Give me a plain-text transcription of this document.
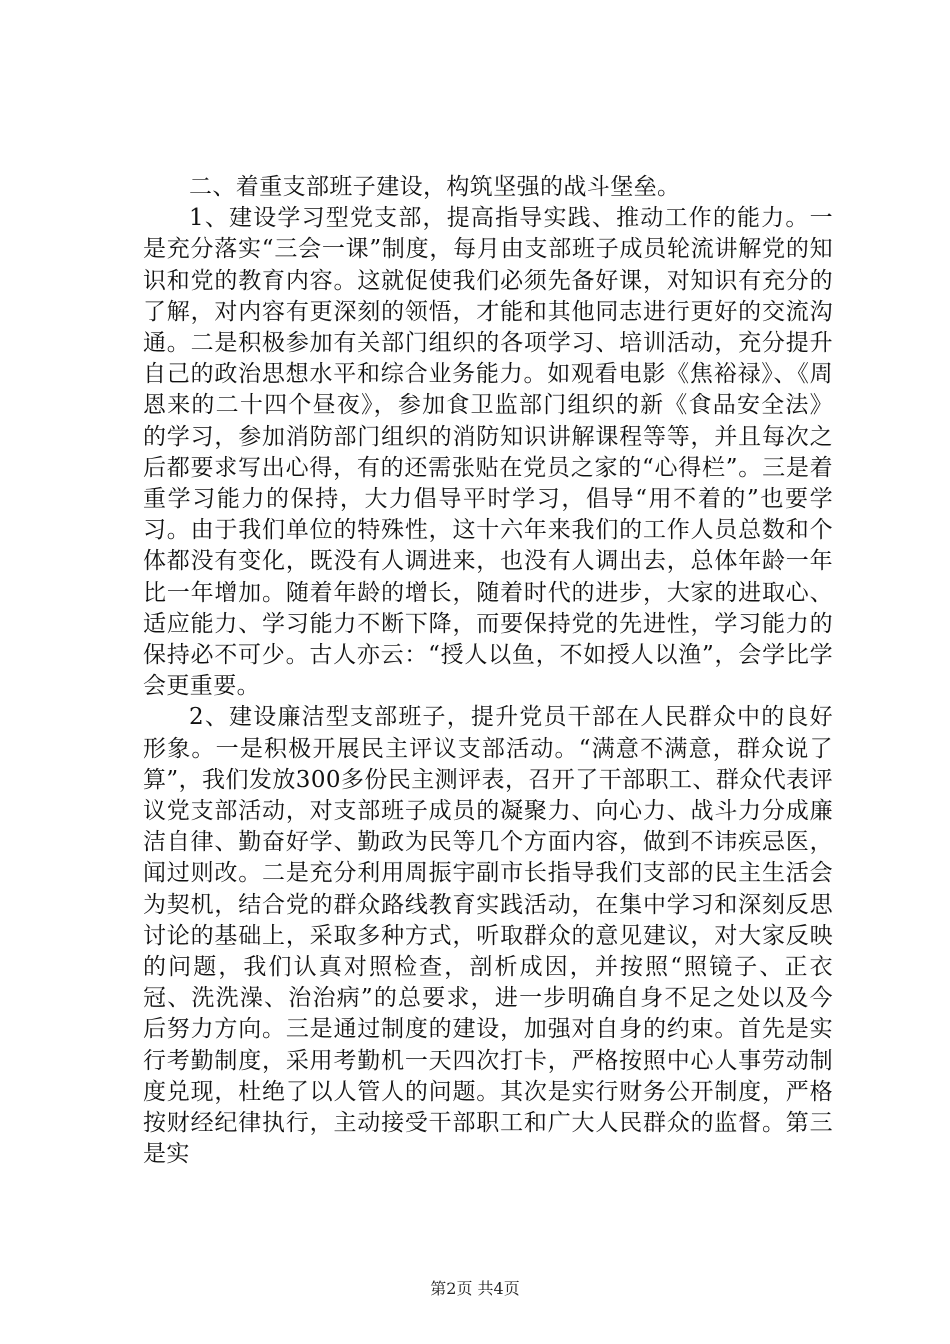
二、着重支部班子建设，构筑坚强的战斗堡垒。

1、建设学习型党支部，提高指导实践、推动工作的能力。一是充分落实“三会一课”制度，每月由支部班子成员轮流讲解党的知识和党的教育内容。这就促使我们必须先备好课，对知识有充分的了解，对内容有更深刻的领悟，才能和其他同志进行更好的交流沟通。二是积极参加有关部门组织的各项学习、培训活动，充分提升自己的政治思想水平和综合业务能力。如观看电影《焦裕禄》、《周恩来的二十四个昼夜》，参加食卫监部门组织的新《食品安全法》的学习，参加消防部门组织的消防知识讲解课程等等，并且每次之后都要求写出心得，有的还需张贴在党员之家的“心得栏”。三是着重学习能力的保持，大力倡导平时学习，倡导“用不着的”也要学习。由于我们单位的特殊性，这十六年来我们的工作人员总数和个体都没有变化，既没有人调进来，也没有人调出去，总体年龄一年比一年增加。随着年龄的增长，随着时代的进步，大家的进取心、适应能力、学习能力不断下降，而要保持党的先进性，学习能力的保持必不可少。古人亦云：“授人以鱼，不如授人以渔”，会学比学会更重要。

2、建设廉洁型支部班子，提升党员干部在人民群众中的良好形象。一是积极开展民主评议支部活动。“满意不满意，群众说了算”，我们发放300多份民主测评表，召开了干部职工、群众代表评议党支部活动，对支部班子成员的凝聚力、向心力、战斗力分成廉洁自律、勤奋好学、勤政为民等几个方面内容，做到不讳疾忌医，闻过则改。二是充分利用周振宇副市长指导我们支部的民主生活会为契机，结合党的群众路线教育实践活动，在集中学习和深刻反思讨论的基础上，采取多种方式，听取群众的意见建议，对大家反映的问题，我们认真对照检查，剖析成因，并按照“照镜子、正衣冠、洗洗澡、治治病”的总要求，进一步明确自身不足之处以及今后努力方向。三是通过制度的建设，加强对自身的约束。首先是实行考勤制度，采用考勤机一天四次打卡，严格按照中心人事劳动制度兑现，杜绝了以人管人的问题。其次是实行财务公开制度，严格按财经纪律执行，主动接受干部职工和广大人民群众的监督。第三是实

第2页 共4页
